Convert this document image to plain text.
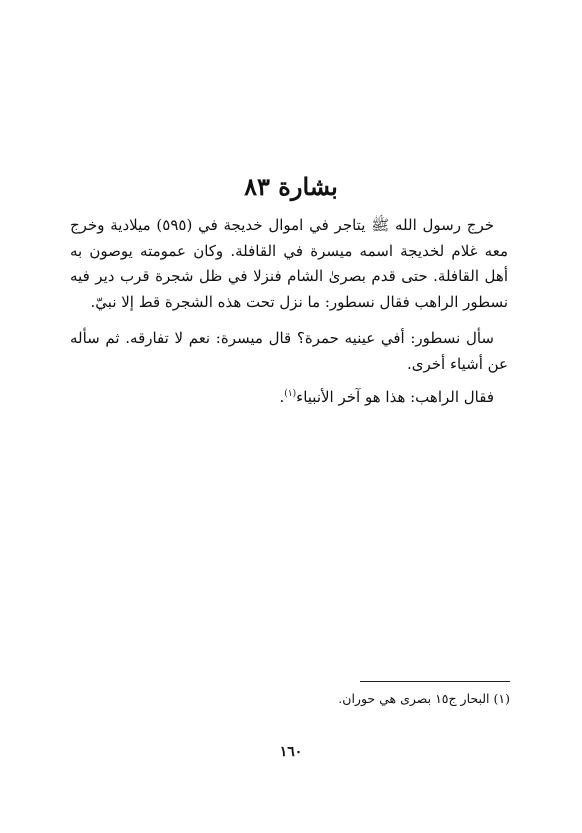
بشارة ٨٣

خرج رسول الله ﷺ يتاجر في اموال خديجة في (٥٩٥) ميلادية وخرج معه غلام لخديجة اسمه ميسرة في القافلة. وكان عمومته يوصون به أهل القافلة. حتى قدم بصرىٰ الشام فنزلا في ظل شجرة قرب دير فيه نسطور الراهب فقال نسطور: ما نزل تحت هذه الشجرة قط إلا نبيّ.

سأل نسطور: أفي عينيه حمرة؟ قال ميسرة: نعم لا تفارقه. ثم سأله عن أشياء أخرى.

فقال الراهب: هذا هو آخر الأنبياء$^{(١)}$.

(١) البحار ج١٥ بصرى هي حوران.

١٦٠
